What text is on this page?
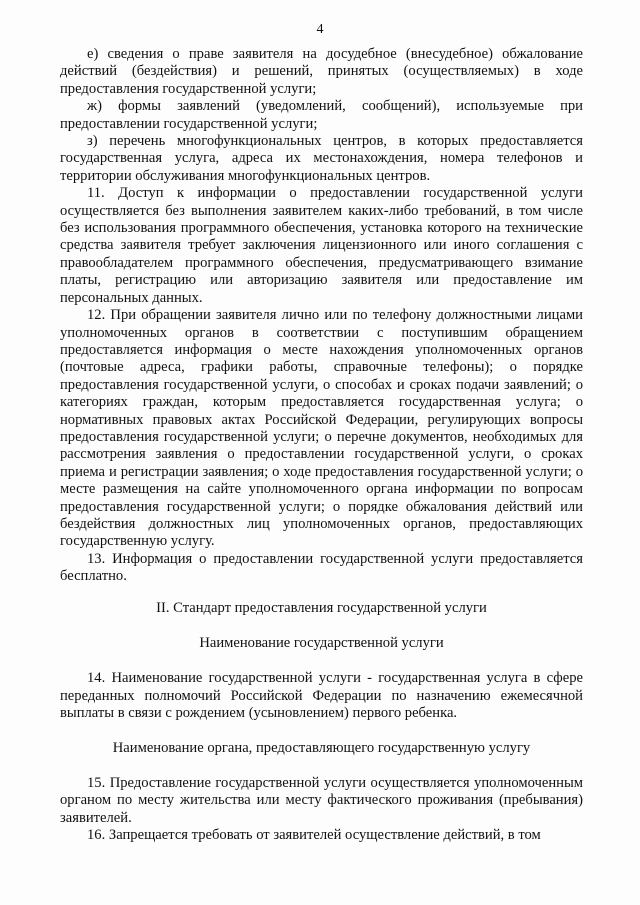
4

е) сведения о праве заявителя на досудебное (внесудебное) обжалование действий (бездействия) и решений, принятых (осуществляемых) в ходе предоставления государственной услуги;

ж) формы заявлений (уведомлений, сообщений), используемые при предоставлении государственной услуги;

з) перечень многофункциональных центров, в которых предоставляется государственная услуга, адреса их местонахождения, номера телефонов и территории обслуживания многофункциональных центров.

11. Доступ к информации о предоставлении государственной услуги осуществляется без выполнения заявителем каких-либо требований, в том числе без использования программного обеспечения, установка которого на технические средства заявителя требует заключения лицензионного или иного соглашения с правообладателем программного обеспечения, предусматривающего взимание платы, регистрацию или авторизацию заявителя или предоставление им персональных данных.

12. При обращении заявителя лично или по телефону должностными лицами уполномоченных органов в соответствии с поступившим обращением предоставляется информация о месте нахождения уполномоченных органов (почтовые адреса, графики работы, справочные телефоны); о порядке предоставления государственной услуги, о способах и сроках подачи заявлений; о категориях граждан, которым предоставляется государственная услуга; о нормативных правовых актах Российской Федерации, регулирующих вопросы предоставления государственной услуги; о перечне документов, необходимых для рассмотрения заявления о предоставлении государственной услуги, о сроках приема и регистрации заявления; о ходе предоставления государственной услуги; о месте размещения на сайте уполномоченного органа информации по вопросам предоставления государственной услуги; о порядке обжалования действий или бездействия должностных лиц уполномоченных органов, предоставляющих государственную услугу.

13. Информация о предоставлении государственной услуги предоставляется бесплатно.

II. Стандарт предоставления государственной услуги

Наименование государственной услуги

14. Наименование государственной услуги - государственная услуга в сфере переданных полномочий Российской Федерации по назначению ежемесячной выплаты в связи с рождением (усыновлением) первого ребенка.

Наименование органа, предоставляющего государственную услугу

15. Предоставление государственной услуги осуществляется уполномоченным органом по месту жительства или месту фактического проживания (пребывания) заявителей.

16. Запрещается требовать от заявителей осуществление действий, в том
